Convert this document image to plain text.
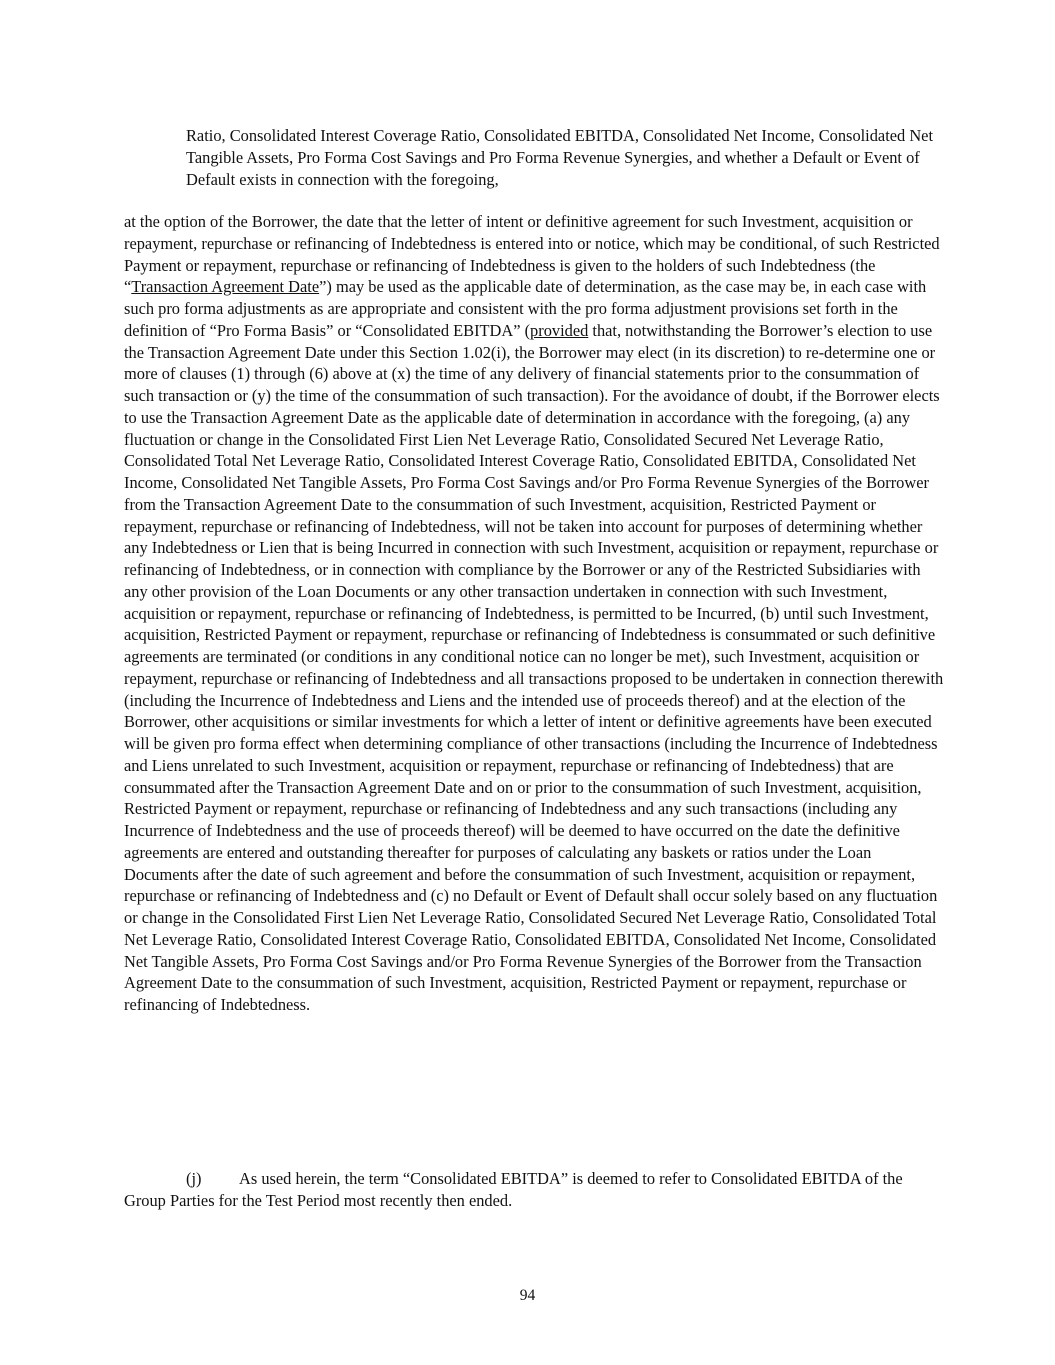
Ratio, Consolidated Interest Coverage Ratio, Consolidated EBITDA, Consolidated Net Income, Consolidated Net Tangible Assets, Pro Forma Cost Savings and Pro Forma Revenue Synergies, and whether a Default or Event of Default exists in connection with the foregoing,

at the option of the Borrower, the date that the letter of intent or definitive agreement for such Investment, acquisition or repayment, repurchase or refinancing of Indebtedness is entered into or notice, which may be conditional, of such Restricted Payment or repayment, repurchase or refinancing of Indebtedness is given to the holders of such Indebtedness (the “Transaction Agreement Date”) may be used as the applicable date of determination, as the case may be, in each case with such pro forma adjustments as are appropriate and consistent with the pro forma adjustment provisions set forth in the definition of “Pro Forma Basis” or “Consolidated EBITDA” (provided that, notwithstanding the Borrower’s election to use the Transaction Agreement Date under this Section 1.02(i), the Borrower may elect (in its discretion) to re-determine one or more of clauses (1) through (6) above at (x) the time of any delivery of financial statements prior to the consummation of such transaction or (y) the time of the consummation of such transaction). For the avoidance of doubt, if the Borrower elects to use the Transaction Agreement Date as the applicable date of determination in accordance with the foregoing, (a) any fluctuation or change in the Consolidated First Lien Net Leverage Ratio, Consolidated Secured Net Leverage Ratio, Consolidated Total Net Leverage Ratio, Consolidated Interest Coverage Ratio, Consolidated EBITDA, Consolidated Net Income, Consolidated Net Tangible Assets, Pro Forma Cost Savings and/or Pro Forma Revenue Synergies of the Borrower from the Transaction Agreement Date to the consummation of such Investment, acquisition, Restricted Payment or repayment, repurchase or refinancing of Indebtedness, will not be taken into account for purposes of determining whether any Indebtedness or Lien that is being Incurred in connection with such Investment, acquisition or repayment, repurchase or refinancing of Indebtedness, or in connection with compliance by the Borrower or any of the Restricted Subsidiaries with any other provision of the Loan Documents or any other transaction undertaken in connection with such Investment, acquisition or repayment, repurchase or refinancing of Indebtedness, is permitted to be Incurred, (b) until such Investment, acquisition, Restricted Payment or repayment, repurchase or refinancing of Indebtedness is consummated or such definitive agreements are terminated (or conditions in any conditional notice can no longer be met), such Investment, acquisition or repayment, repurchase or refinancing of Indebtedness and all transactions proposed to be undertaken in connection therewith (including the Incurrence of Indebtedness and Liens and the intended use of proceeds thereof) and at the election of the Borrower, other acquisitions or similar investments for which a letter of intent or definitive agreements have been executed will be given pro forma effect when determining compliance of other transactions (including the Incurrence of Indebtedness and Liens unrelated to such Investment, acquisition or repayment, repurchase or refinancing of Indebtedness) that are consummated after the Transaction Agreement Date and on or prior to the consummation of such Investment, acquisition, Restricted Payment or repayment, repurchase or refinancing of Indebtedness and any such transactions (including any Incurrence of Indebtedness and the use of proceeds thereof) will be deemed to have occurred on the date the definitive agreements are entered and outstanding thereafter for purposes of calculating any baskets or ratios under the Loan Documents after the date of such agreement and before the consummation of such Investment, acquisition or repayment, repurchase or refinancing of Indebtedness and (c) no Default or Event of Default shall occur solely based on any fluctuation or change in the Consolidated First Lien Net Leverage Ratio, Consolidated Secured Net Leverage Ratio, Consolidated Total Net Leverage Ratio, Consolidated Interest Coverage Ratio, Consolidated EBITDA, Consolidated Net Income, Consolidated Net Tangible Assets, Pro Forma Cost Savings and/or Pro Forma Revenue Synergies of the Borrower from the Transaction Agreement Date to the consummation of such Investment, acquisition, Restricted Payment or repayment, repurchase or refinancing of Indebtedness.

(j) As used herein, the term “Consolidated EBITDA” is deemed to refer to Consolidated EBITDA of the Group Parties for the Test Period most recently then ended.

94
